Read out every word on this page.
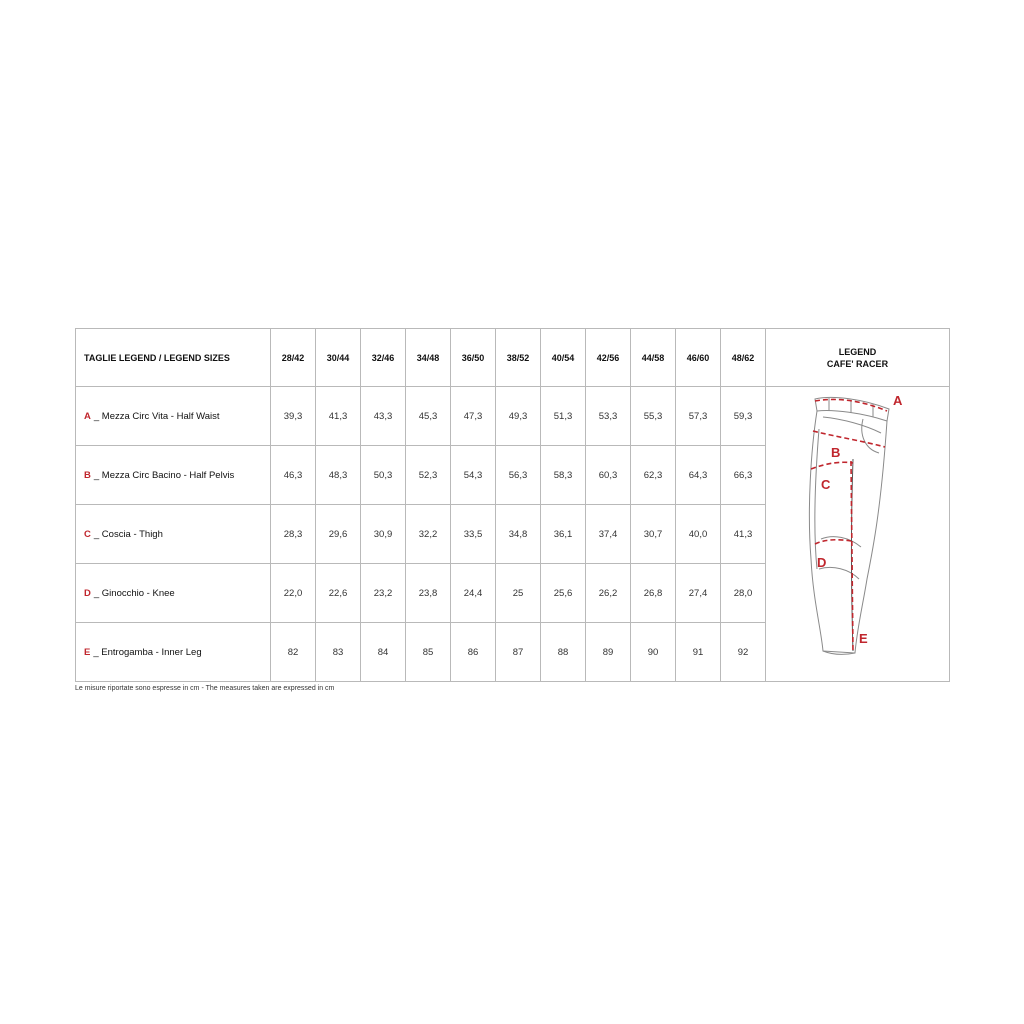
TAGLIE LEGEND / LEGEND SIZES	28/42	30/44	32/46	34/48	36/50	38/52	40/54	42/56	44/58	46/60	48/62	LEGEND
CAFE' RACER

A _ Mezza Circ Vita - Half Waist	39,3	41,3	43,3	45,3	47,3	49,3	51,3	53,3	55,3	57,3	59,3	A
B
C
D
E

B _ Mezza Circ Bacino - Half Pelvis	46,3	48,3	50,3	52,3	54,3	56,3	58,3	60,3	62,3	64,3	66,3	
C _ Coscia - Thigh	28,3	29,6	30,9	32,2	33,5	34,8	36,1	37,4	30,7	40,0	41,3	
D _ Ginocchio - Knee	22,0	22,6	23,2	23,8	24,4	25	25,6	26,2	26,8	27,4	28,0	
E _ Entrogamba - Inner Leg	82	83	84	85	86	87	88	89	90	91	92	
Le misure riportate sono espresse in cm - The measures taken are expressed in cm
